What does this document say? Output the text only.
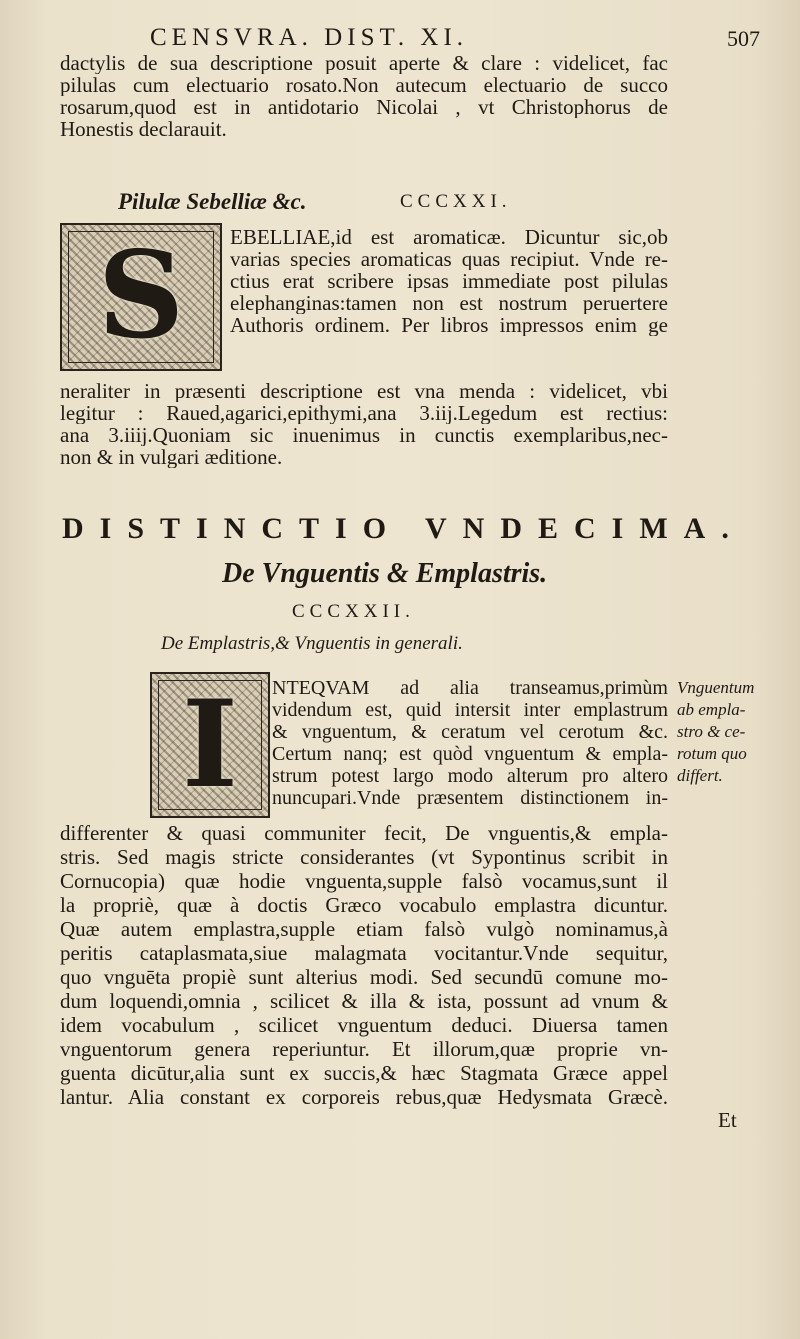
CENSVRA. DIST. XI.	507
dactylis de sua descriptione posuit aperte & clare : videlicet, fac
pilulas cum electuario rosato.Non autecum electuario de succo
rosarum,quod est in antidotario Nicolai , vt Christophorus de
Honestis declarauit.
Pilulæ Sebelliæ &c.	CCCXXI.
S	EBELLIAE,id est aromaticæ. Dicuntur sic,ob
varias species aromaticas quas recipiut. Vnde re-
ctius erat scribere ipsas immediate post pilulas
elephanginas:tamen non est nostrum peruertere
Authoris ordinem. Per libros impressos enim ge
neraliter in præsenti descriptione est vna menda : videlicet, vbi
legitur : Raued,agarici,epithymi,ana 3.iij.Legedum est rectius:
ana 3.iiij.Quoniam sic inuenimus in cunctis exemplaribus,nec-
non & in vulgari æditione.
DISTINCTIO VNDECIMA.
De Vnguentis & Emplastris.
CCCXXII.
De Emplastris,& Vnguentis in generali.
I	NTEQVAM ad alia transeamus,primùm
videndum est, quid intersit inter emplastrum
& vnguentum, & ceratum vel cerotum &c.
Certum nanq; est quòd vnguentum & empla-
strum potest largo modo alterum pro altero
nuncupari.Vnde præsentem distinctionem in-
Vnguentum
ab empla-
stro & ce-
rotum quo
differt.
differenter & quasi communiter fecit, De vnguentis,& empla-
stris. Sed magis stricte considerantes (vt Sypontinus scribit in
Cornucopia) quæ hodie vnguenta,supple falsò vocamus,sunt il
la propriè, quæ à doctis Græco vocabulo emplastra dicuntur.
Quæ autem emplastra,supple etiam falsò vulgò nominamus,à
peritis cataplasmata,siue malagmata vocitantur.Vnde sequitur,
quo vnguēta propiè sunt alterius modi. Sed secundū comune mo-
dum loquendi,omnia , scilicet & illa & ista, possunt ad vnum &
idem vocabulum , scilicet vnguentum deduci. Diuersa tamen
vnguentorum genera reperiuntur. Et illorum,quæ proprie vn-
guenta dicūtur,alia sunt ex succis,& hæc Stagmata Græce appel
lantur. Alia constant ex corporeis rebus,quæ Hedysmata Græcè.
Et
